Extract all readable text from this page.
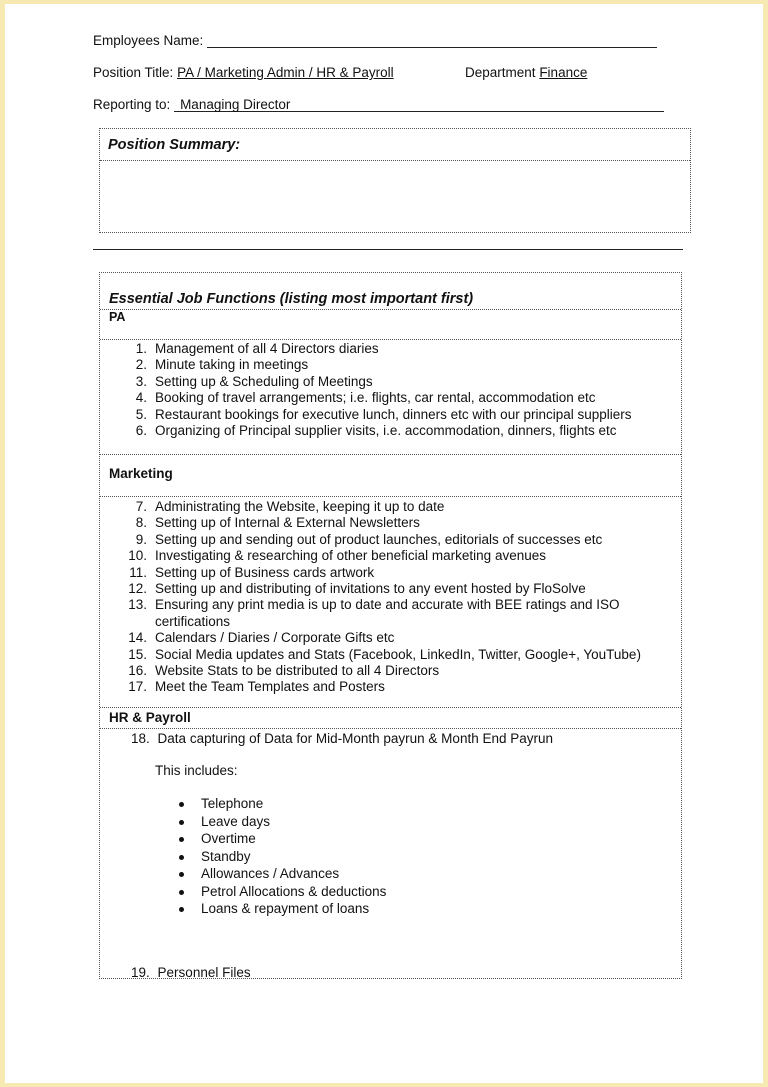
Employees Name:
Position Title: PA / Marketing Admin / HR & Payroll	Department Finance
Reporting to: Managing Director
Position Summary:
Essential Job Functions (listing most important first)
PA
1. Management of all 4 Directors diaries
2. Minute taking in meetings
3. Setting up & Scheduling of Meetings
4. Booking of travel arrangements; i.e. flights, car rental, accommodation etc
5. Restaurant bookings for executive lunch, dinners etc with our principal suppliers
6. Organizing of Principal supplier visits, i.e. accommodation, dinners, flights etc
Marketing
7. Administrating the Website, keeping it up to date
8. Setting up of Internal & External Newsletters
9. Setting up and sending out of product launches, editorials of successes etc
10. Investigating & researching of other beneficial marketing avenues
11. Setting up of Business cards artwork
12. Setting up and distributing of invitations to any event hosted by FloSolve
13. Ensuring any print media is up to date and accurate with BEE ratings and ISO
certifications
14. Calendars / Diaries / Corporate Gifts etc
15. Social Media updates and Stats (Facebook, LinkedIn, Twitter, Google+, YouTube)
16. Website Stats to be distributed to all 4 Directors
17. Meet the Team Templates and Posters
HR & Payroll
18. Data capturing of Data for Mid-Month payrun & Month End Payrun
This includes:
Telephone
Leave days
Overtime
Standby
Allowances / Advances
Petrol Allocations & deductions
Loans & repayment of loans
19. Personnel Files
